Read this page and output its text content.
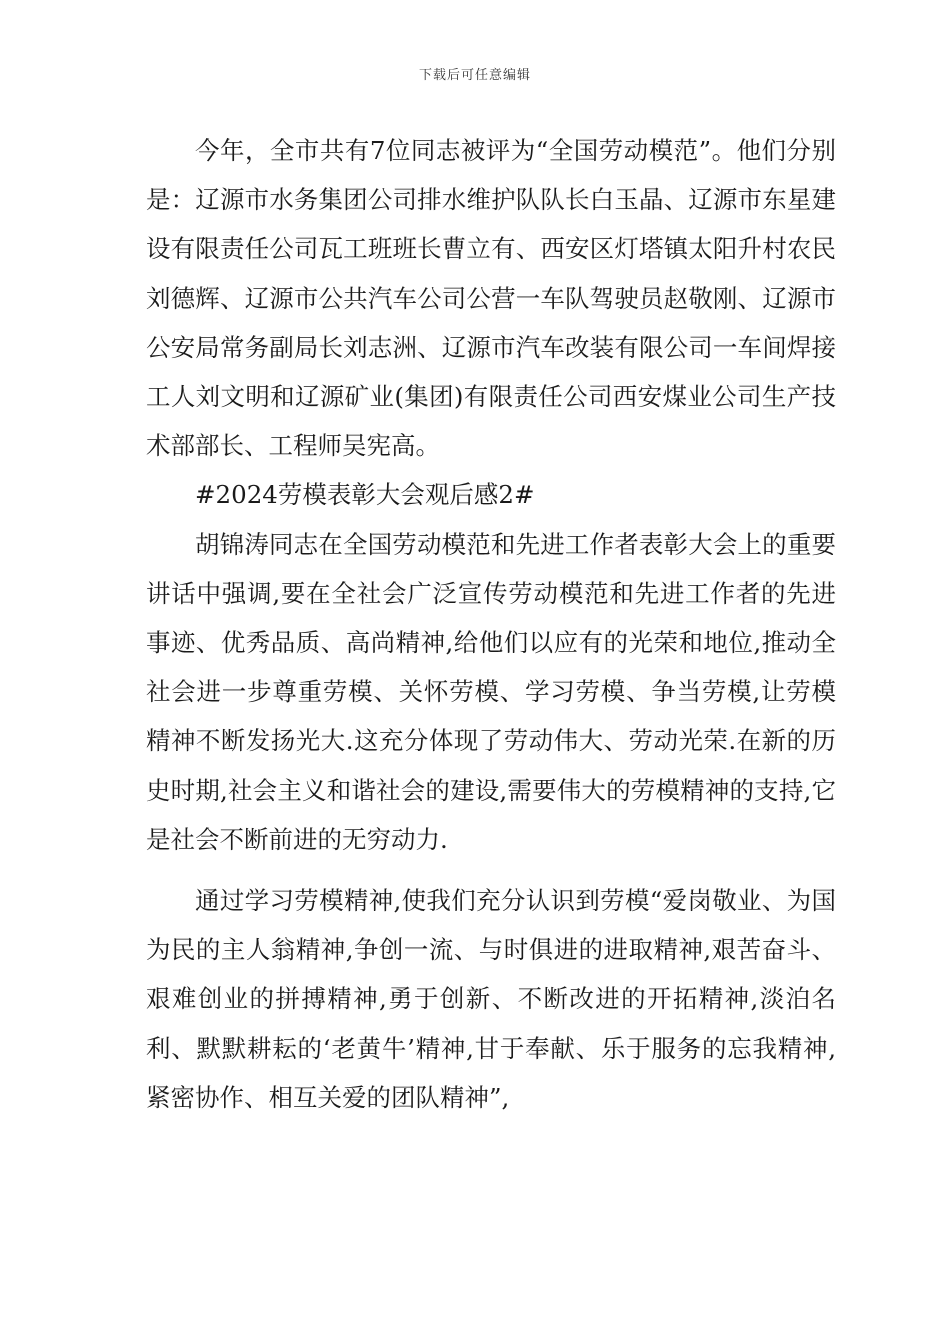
下载后可任意编辑

今年，全市共有7位同志被评为“全国劳动模范”。他们分别是：辽源市水务集团公司排水维护队队长白玉晶、辽源市东星建设有限责任公司瓦工班班长曹立有、西安区灯塔镇太阳升村农民刘德辉、辽源市公共汽车公司公营一车队驾驶员赵敬刚、辽源市公安局常务副局长刘志洲、辽源市汽车改装有限公司一车间焊接工人刘文明和辽源矿业(集团)有限责任公司西安煤业公司生产技术部部长、工程师吴宪高。

#2024劳模表彰大会观后感2#

胡锦涛同志在全国劳动模范和先进工作者表彰大会上的重要讲话中强调,要在全社会广泛宣传劳动模范和先进工作者的先进事迹、优秀品质、高尚精神,给他们以应有的光荣和地位,推动全社会进一步尊重劳模、关怀劳模、学习劳模、争当劳模,让劳模精神不断发扬光大.这充分体现了劳动伟大、劳动光荣.在新的历史时期,社会主义和谐社会的建设,需要伟大的劳模精神的支持,它是社会不断前进的无穷动力.

通过学习劳模精神,使我们充分认识到劳模“爱岗敬业、为国为民的主人翁精神,争创一流、与时俱进的进取精神,艰苦奋斗、艰难创业的拼搏精神,勇于创新、不断改进的开拓精神,淡泊名利、默默耕耘的‘老黄牛’精神,甘于奉献、乐于服务的忘我精神,紧密协作、相互关爱的团队精神”,
